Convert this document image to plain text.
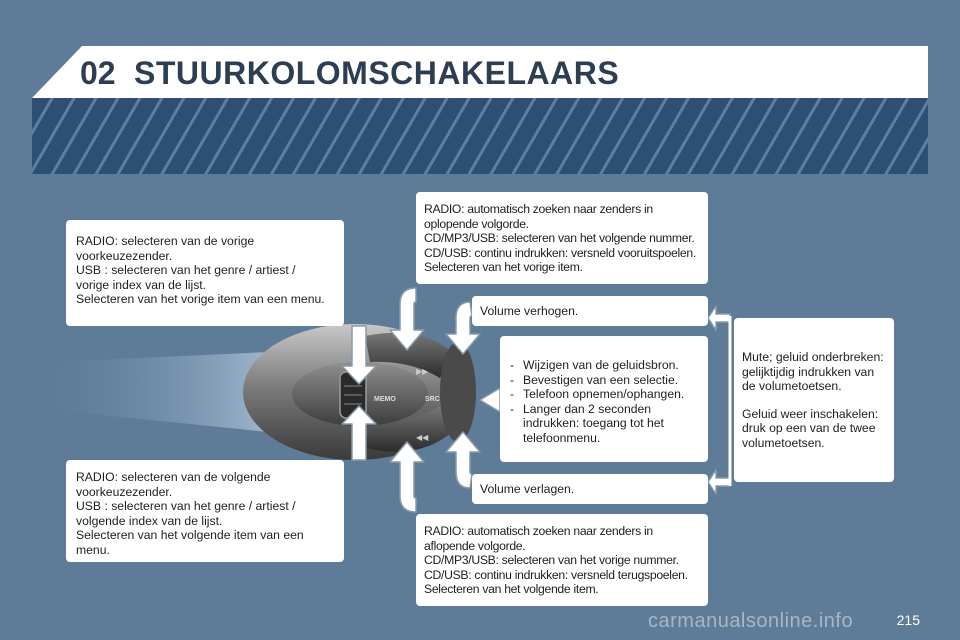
02 STUURKOLOMSCHAKELAARS
MEMO
▶▶
◀◀
SRC

RADIO: selecteren van de vorige

voorkeuzezender.

USB : selecteren van het genre / artiest /

vorige index van de lijst.

Selecteren van het vorige item van een menu.

RADIO: selecteren van de volgende

voorkeuzezender.

USB : selecteren van het genre / artiest /

volgende index van de lijst.

Selecteren van het volgende item van een

menu.

RADIO: automatisch zoeken naar zenders in

oplopende volgorde.

CD/MP3/USB: selecteren van het volgende nummer.

CD/USB: continu indrukken: versneld vooruitspoelen.

Selecteren van het vorige item.

RADIO: automatisch zoeken naar zenders in

aflopende volgorde.

CD/MP3/USB: selecteren van het vorige nummer.

CD/USB: continu indrukken: versneld terugspoelen.

Selecteren van het volgende item.

Volume verhogen.

Volume verlagen.

- Wijzigen van de geluidsbron.
- Bevestigen van een selectie.
- Telefoon opnemen/ophangen.
- Langer dan 2 seconden indrukken: toegang tot het telefoonmenu.

Mute; geluid onderbreken:

gelijktijdig indrukken van

de volumetoetsen.

Geluid weer inschakelen:

druk op een van de twee

volumetoetsen.

215
carmanualsonline.info
